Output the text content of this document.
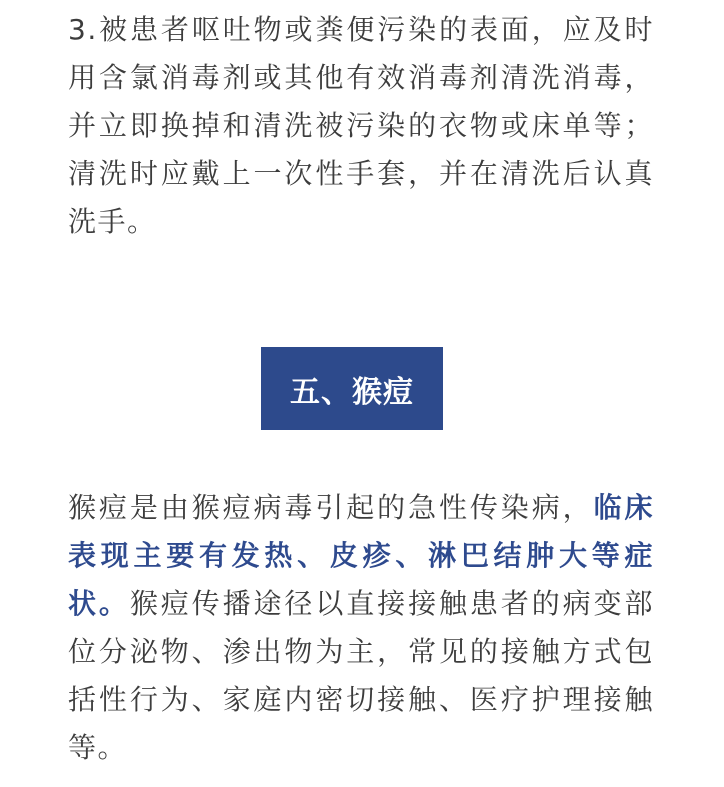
3.被患者呕吐物或粪便污染的表面，应及时用含氯消毒剂或其他有效消毒剂清洗消毒，并立即换掉和清洗被污染的衣物或床单等；清洗时应戴上一次性手套，并在清洗后认真洗手。

五、猴痘

猴痘是由猴痘病毒引起的急性传染病，临床表现主要有发热、皮疹、淋巴结肿大等症状。猴痘传播途径以直接接触患者的病变部位分泌物、渗出物为主，常见的接触方式包括性行为、家庭内密切接触、医疗护理接触等。
